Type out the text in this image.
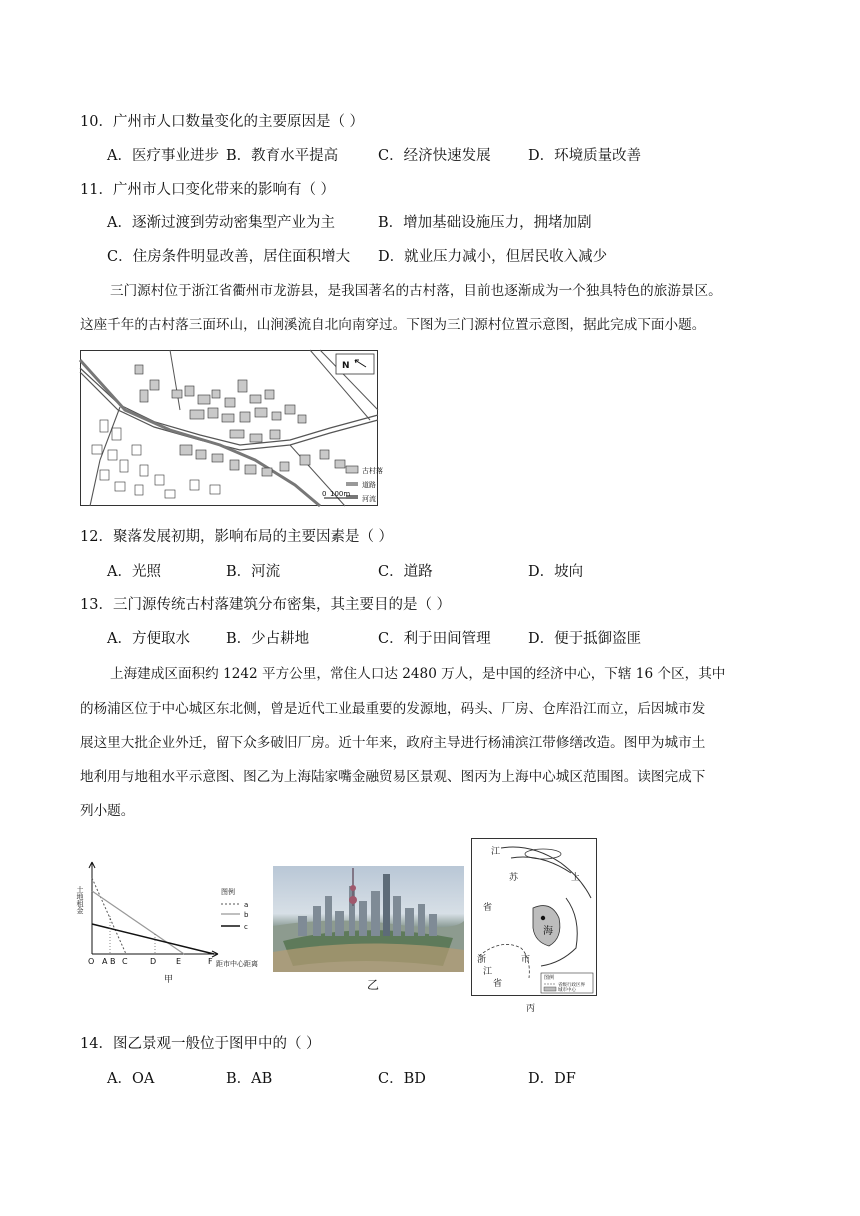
10．广州市人口数量变化的主要原因是（ ）
A．医疗事业进步 B．教育水平提高	C．经济快速发展	D．环境质量改善
11．广州市人口变化带来的影响有（ ）
A．逐渐过渡到劳动密集型产业为主	B．增加基础设施压力，拥堵加剧
C．住房条件明显改善，居住面积增大 D．就业压力减小，但居民收入减少
三门源村位于浙江省衢州市龙游县，是我国著名的古村落，目前也逐渐成为一个独具特色的旅游景区。
这座千年的古村落三面环山，山涧溪流自北向南穿过。下图为三门源村位置示意图，据此完成下面小题。
N
古村落
道路
河流
0 100m
12．聚落发展初期，影响布局的主要因素是（ ）
A．光照	B．河流	C．道路	D．坡向
13．三门源传统古村落建筑分布密集，其主要目的是（ ）
A．方便取水 B．少占耕地	C．利于田间管理	D．便于抵御盗匪
上海建成区面积约 1242 平方公里，常住人口达 2480 万人，是中国的经济中心，下辖 16 个区，其中
的杨浦区位于中心城区东北侧，曾是近代工业最重要的发源地，码头、厂房、仓库沿江而立，后因城市发
展这里大批企业外迁，留下众多破旧厂房。近十年来，政府主导进行杨浦滨江带修缮改造。图甲为城市土
地利用与地租水平示意图、图乙为上海陆家嘴金融贸易区景观、图丙为上海中心城区范围图。读图完成下
列小题。
土地租金	图例
a
b
c
O A B C	D E	F 距市中心距离
甲	乙
江
苏	上
省
海
浙
江
省
市
图例
省级行政区界
城市中心
丙
14．图乙景观一般位于图甲中的（ ）
A．OA	B．AB	C．BD	D．DF
